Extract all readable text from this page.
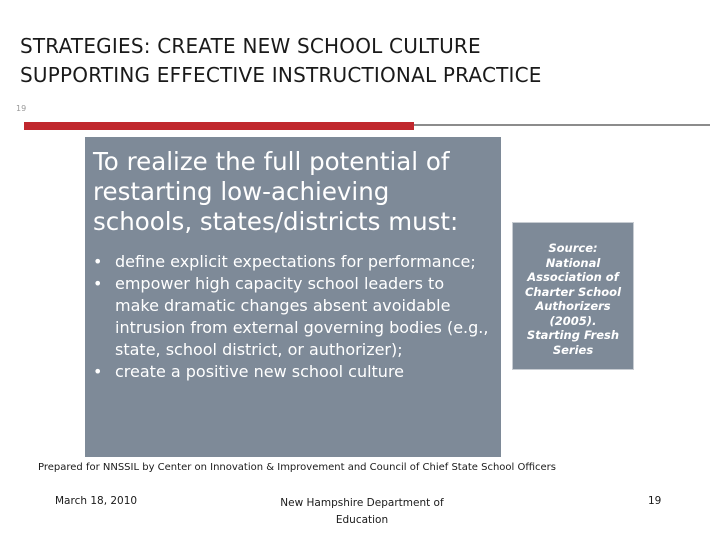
STRATEGIES: CREATE NEW SCHOOL CULTURE
SUPPORTING EFFECTIVE INSTRUCTIONAL PRACTICE
19

To realize the full potential of restarting low-achieving schools, states/districts must:

• define explicit expectations for performance;
• empower high capacity school leaders to make dramatic changes absent avoidable intrusion from external governing bodies (e.g., state, school district, or authorizer);
• create a positive new school culture
Source:
National
Association of
Charter School
Authorizers
(2005).
Starting Fresh
Series
Prepared for NNSSIL by Center on Innovation & Improvement and Council of Chief State School Officers
March 18, 2010	New Hampshire Department of
Education
19
